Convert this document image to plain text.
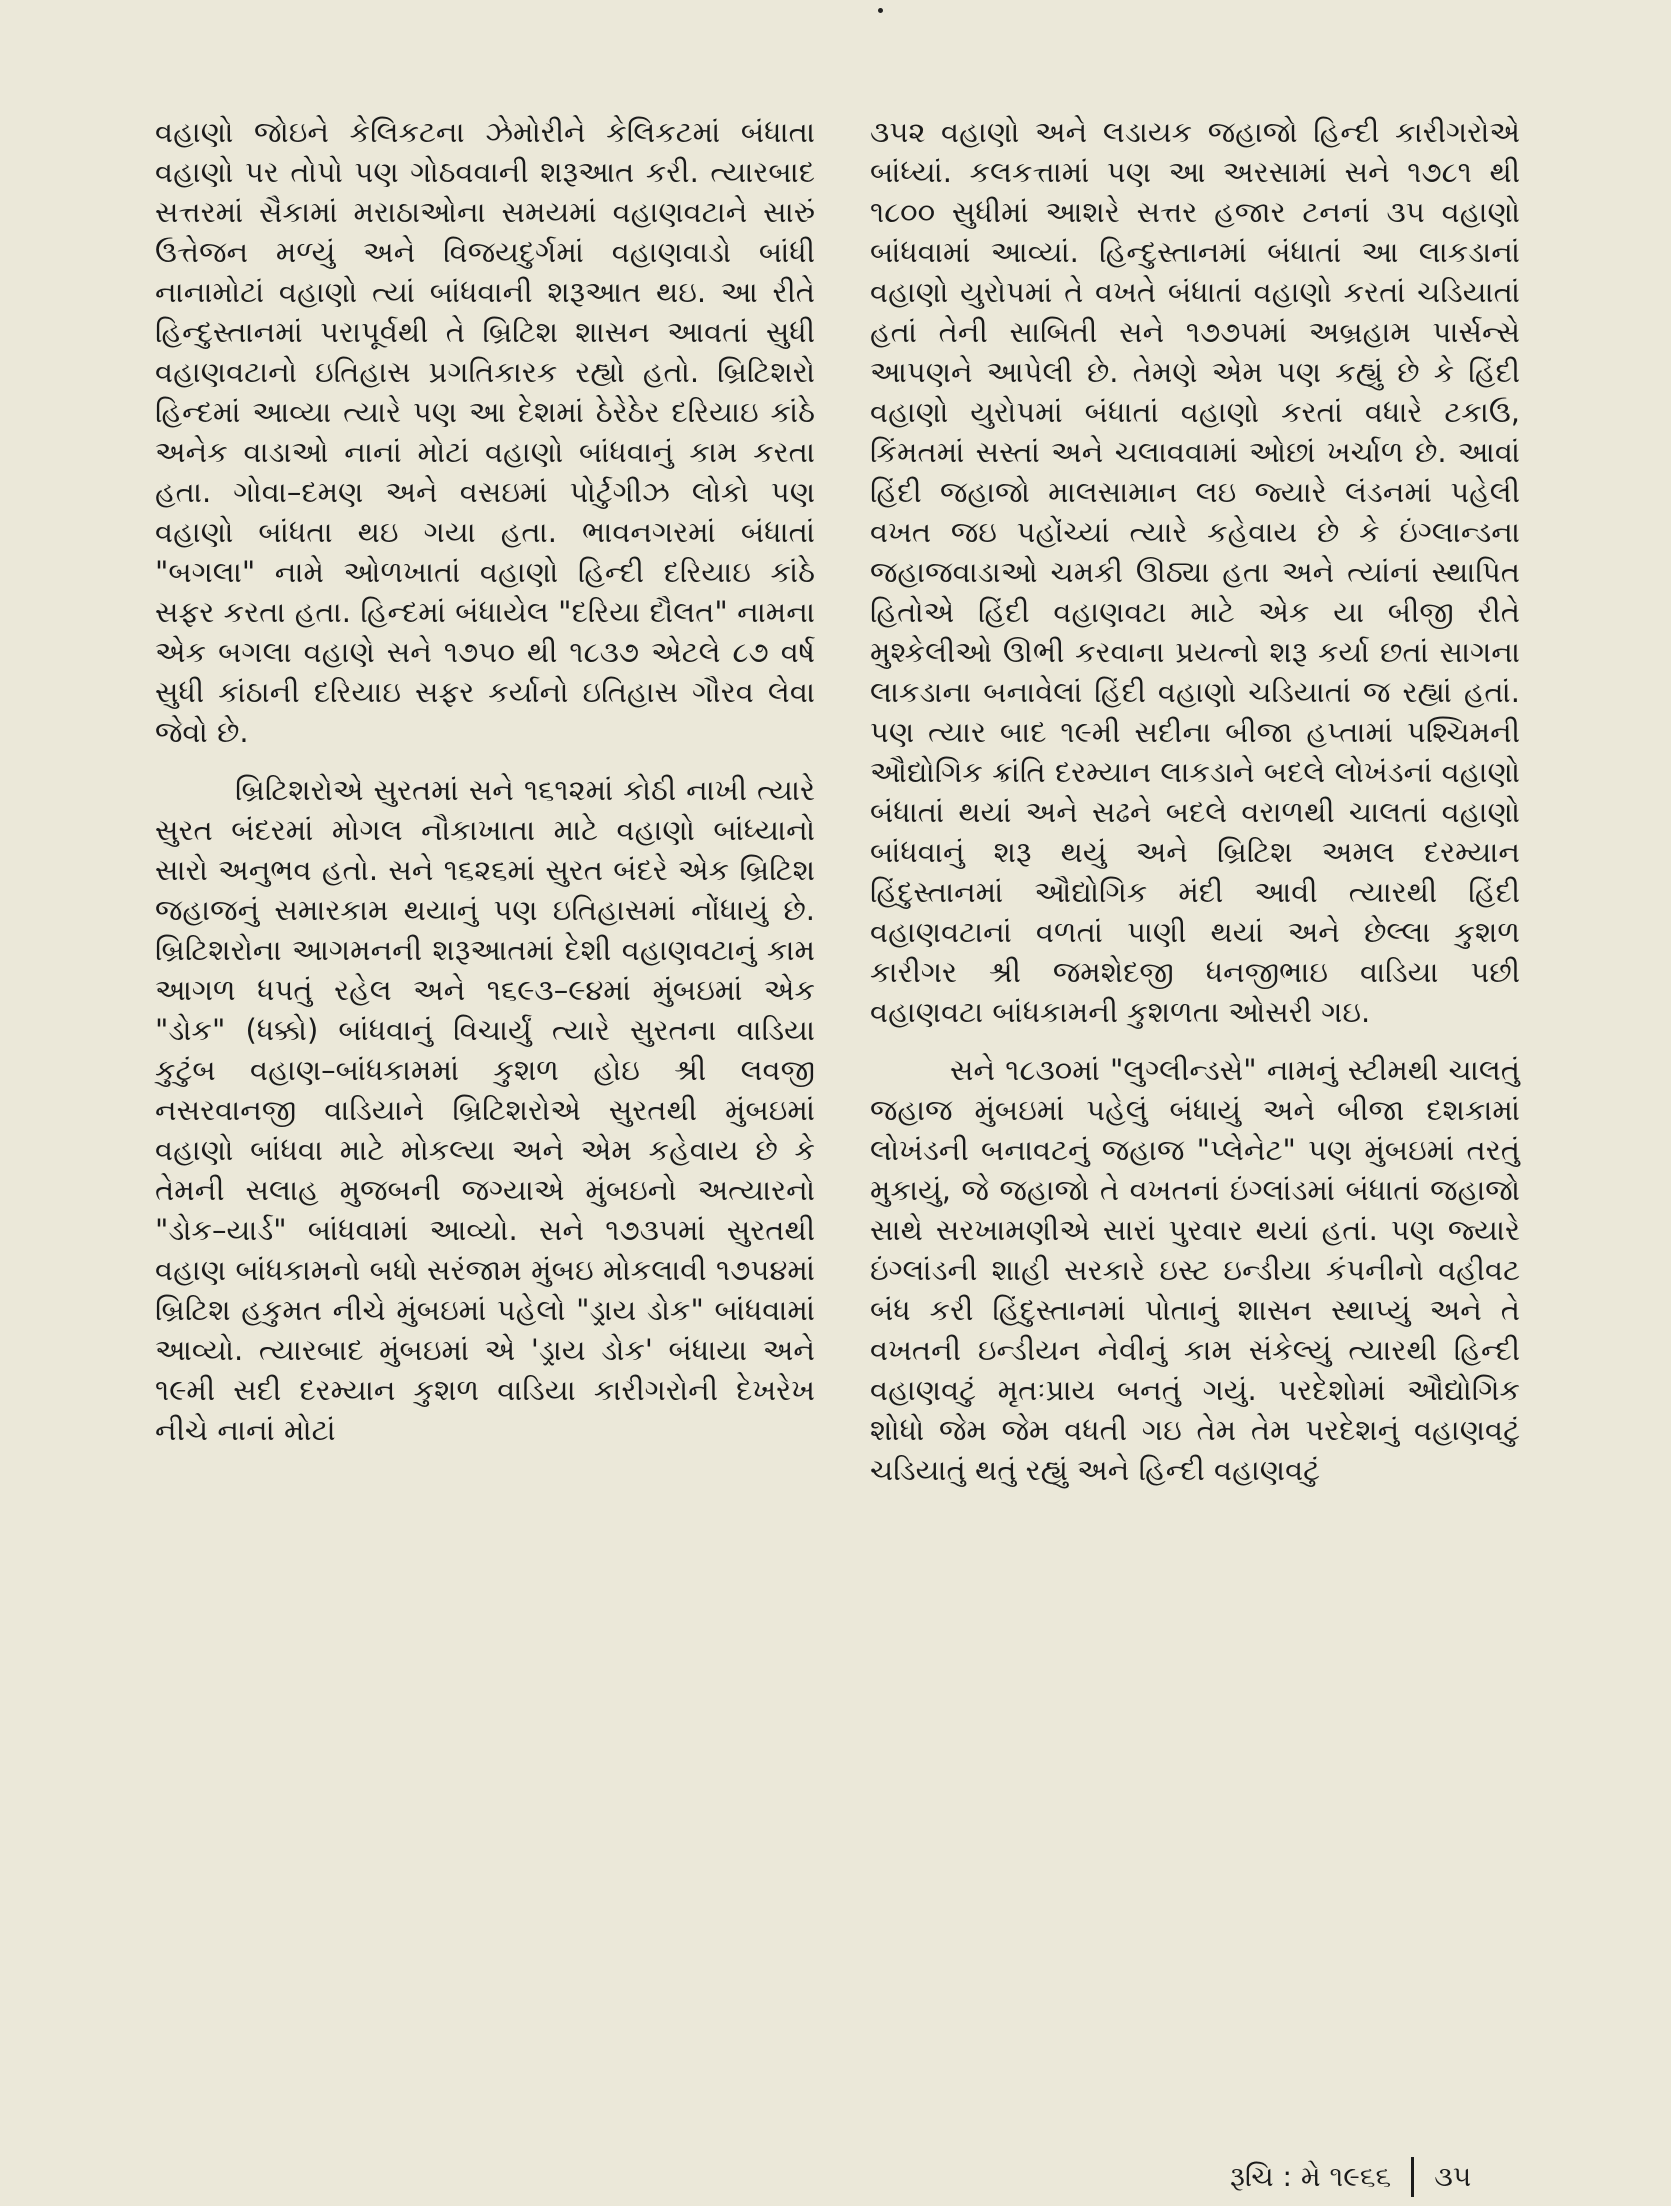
વહાણો જોઇને કેલિકટના ઝેમોરીને કેલિકટમાં બંધાતા વહાણો પર તોપો પણ ગોઠવવાની શરૂઆત કરી. ત્યારબાદ સત્તરમાં સૈકામાં મરાઠાઓના સમયમાં વહાણવટાને સારું ઉત્તેજન મળ્યું અને વિજયદુર્ગમાં વહાણવાડો બાંધી નાનામોટાં વહાણો ત્યાં બાંધવાની શરૂઆત થઇ. આ રીતે હિન્દુસ્તાનમાં પરાપૂર્વથી તે બ્રિટિશ શાસન આવતાં સુધી વહાણવટાનો ઇતિહાસ પ્રગતિકારક રહ્યો હતો. બ્રિટિશરો હિન્દમાં આવ્યા ત્યારે પણ આ દેશમાં ઠેરેઠેર દરિયાઇ કાંઠે અનેક વાડાઓ નાનાં મોટાં વહાણો બાંધવાનું કામ કરતા હતા. ગોવા–દમણ અને વસઇમાં પોર્ટુગીઝ લોકો પણ વહાણો બાંધતા થઇ ગયા હતા. ભાવનગરમાં બંધાતાં "બગલા" નામે ઓળખાતાં વહાણો હિન્દી દરિયાઇ કાંઠે સફર કરતા હતા. હિન્દમાં બંધાયેલ "દરિયા દૌલત" નામના એક બગલા વહાણે સને ૧૭૫૦ થી ૧૮૩૭ એટલે ૮૭ વર્ષ સુધી કાંઠાની દરિયાઇ સફર કર્યાનો ઇતિહાસ ગૌરવ લેવા જેવો છે.

બ્રિટિશરોએ સુરતમાં સને ૧૬૧૨માં કોઠી નાખી ત્યારે સુરત બંદરમાં મોગલ નૌકાખાતા માટે વહાણો બાંધ્યાનો સારો અનુભવ હતો. સને ૧૬૨૬માં સુરત બંદરે એક બ્રિટિશ જહાજનું સમારકામ થયાનું પણ ઇતિહાસમાં નોંધાયું છે. બ્રિટિશરોના આગમનની શરૂઆતમાં દેશી વહાણવટાનું કામ આગળ ધપતું રહેલ અને ૧૬૯૩–૯૪માં મુંબઇમાં એક "ડોક" (ધક્કો) બાંધવાનું વિચાર્યું ત્યારે સુરતના વાડિયા કુટુંબ વહાણ–બાંધકામમાં કુશળ હોઇ શ્રી લવજી નસરવાનજી વાડિયાને બ્રિટિશરોએ સુરતથી મુંબઇમાં વહાણો બાંધવા માટે મોકલ્યા અને એમ કહેવાય છે કે તેમની સલાહ મુજબની જગ્યાએ મુંબઇનો અત્યારનો "ડોક–યાર્ડ" બાંધવામાં આવ્યો. સને ૧૭૩૫માં સુરતથી વહાણ બાંધકામનો બધો સરંજામ મુંબઇ મોકલાવી ૧૭૫૪માં બ્રિટિશ હકુમત નીચે મુંબઇમાં પહેલો "ડ્રાય ડોક" બાંધવામાં આવ્યો. ત્યારબાદ મુંબઇમાં એ 'ડ્રાય ડોક' બંધાયા અને ૧૯મી સદી દરમ્યાન કુશળ વાડિયા કારીગરોની દેખરેખ નીચે નાનાં મોટાં

૩૫૨ વહાણો અને લડાયક જહાજો હિન્દી કારીગરોએ બાંધ્યાં. કલકત્તામાં પણ આ અરસામાં સને ૧૭૮૧ થી ૧૮૦૦ સુધીમાં આશરે સત્તર હજાર ટનનાં ૩૫ વહાણો બાંધવામાં આવ્યાં. હિન્દુસ્તાનમાં બંધાતાં આ લાકડાનાં વહાણો યુરોપમાં તે વખતે બંધાતાં વહાણો કરતાં ચડિયાતાં હતાં તેની સાબિતી સને ૧૭૭૫માં અબ્રહામ પાર્સન્સે આપણને આપેલી છે. તેમણે એમ પણ કહ્યું છે કે હિંદી વહાણો યુરોપમાં બંધાતાં વહાણો કરતાં વધારે ટકાઉ, કિંમતમાં સસ્તાં અને ચલાવવામાં ઓછાં ખર્ચાળ છે. આવાં હિંદી જહાજો માલસામાન લઇ જ્યારે લંડનમાં પહેલી વખત જઇ પહોંચ્યાં ત્યારે કહેવાય છે કે ઇંગ્લાન્ડના જહાજવાડાઓ ચમકી ઊઠ્યા હતા અને ત્યાંનાં સ્થાપિત હિતોએ હિંદી વહાણવટા માટે એક યા બીજી રીતે મુશ્કેલીઓ ઊભી કરવાના પ્રયત્નો શરૂ કર્યા છતાં સાગના લાકડાના બનાવેલાં હિંદી વહાણો ચડિયાતાં જ રહ્યાં હતાં. પણ ત્યાર બાદ ૧૯મી સદીના બીજા હપ્તામાં પશ્ચિમની ઔદ્યોગિક ક્રાંતિ દરમ્યાન લાકડાને બદલે લોખંડનાં વહાણો બંધાતાં થયાં અને સઢને બદલે વરાળથી ચાલતાં વહાણો બાંધવાનું શરૂ થયું અને બ્રિટિશ અમલ દરમ્યાન હિંદુસ્તાનમાં ઔદ્યોગિક મંદી આવી ત્યારથી હિંદી વહાણવટાનાં વળતાં પાણી થયાં અને છેલ્લા કુશળ કારીગર શ્રી જમશેદજી ધનજીભાઇ વાડિયા પછી વહાણવટા બાંધકામની કુશળતા ઓસરી ગઇ.

સને ૧૮૩૦માં "લુગ્લીન્ડસે" નામનું સ્ટીમથી ચાલતું જહાજ મુંબઇમાં પહેલું બંધાયું અને બીજા દશકામાં લોખંડની બનાવટનું જહાજ "પ્લેનેટ" પણ મુંબઇમાં તરતું મુકાયું, જે જહાજો તે વખતનાં ઇંગ્લાંડમાં બંધાતાં જહાજો સાથે સરખામણીએ સારાં પુરવાર થયાં હતાં. પણ જ્યારે ઇંગ્લાંડની શાહી સરકારે ઇસ્ટ ઇન્ડીયા કંપનીનો વહીવટ બંધ કરી હિંદુસ્તાનમાં પોતાનું શાસન સ્થાપ્યું અને તે વખતની ઇન્ડીયન નેવીનું કામ સંકેલ્યું ત્યારથી હિન્દી વહાણવટું મૃતઃપ્રાય બનતું ગયું. પરદેશોમાં ઔદ્યોગિક શોધો જેમ જેમ વધતી ગઇ તેમ તેમ પરદેશનું વહાણવટું ચડિયાતું થતું રહ્યું અને હિન્દી વહાણવટું

રૂચિ : મે ૧૯૬૬ ૩૫
